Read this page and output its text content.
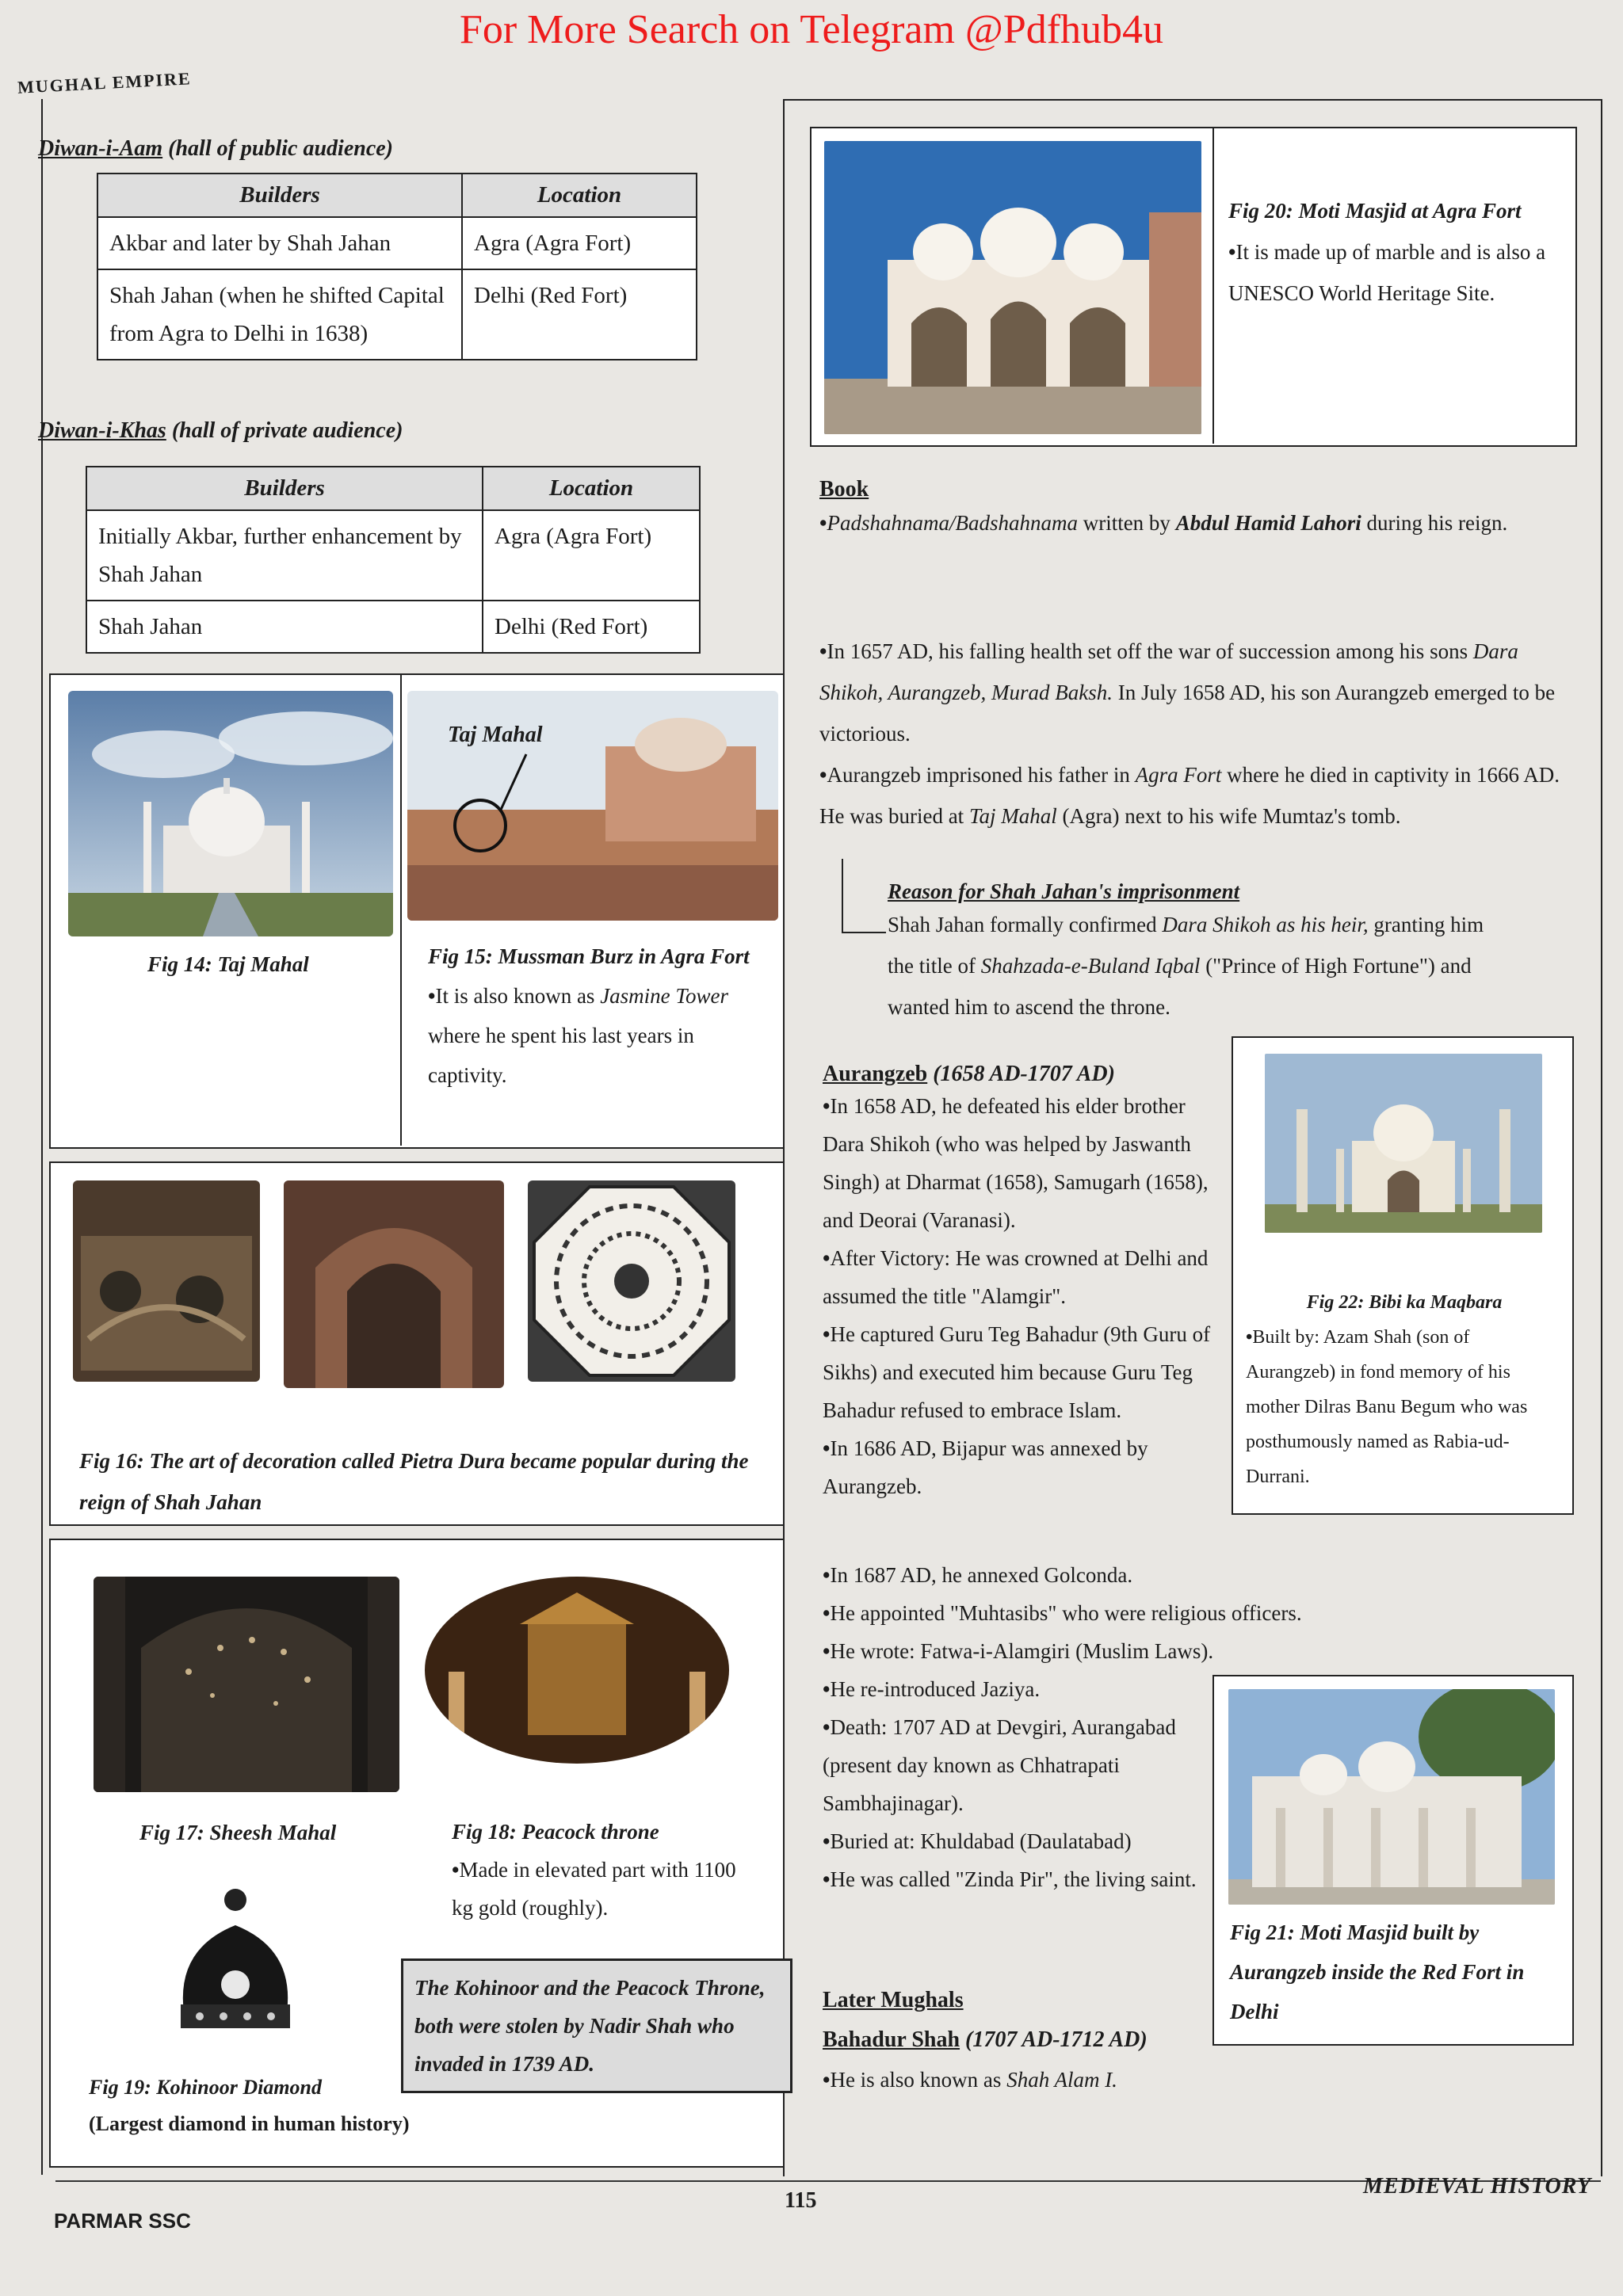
For More Search on Telegram @Pdfhub4u
MUGHAL EMPIRE
Diwan-i-Aam (hall of public audience)
Builders	Location
Akbar and later by Shah Jahan	Agra (Agra Fort)
Shah Jahan (when he shifted Capital from Agra to Delhi in 1638)	Delhi (Red Fort)
Diwan-i-Khas (hall of private audience)
Builders	Location
Initially Akbar, further enhancement by Shah Jahan	Agra (Agra Fort)
Shah Jahan	Delhi (Red Fort)
Taj Mahal
Fig 14: Taj Mahal	Fig 15: Mussman Burz in Agra Fort
• It is also known as Jasmine Tower where he spent his last years in captivity.
Fig 16: The art of decoration called Pietra Dura became popular during the reign of Shah Jahan
Fig 17: Sheesh Mahal	Fig 18: Peacock throne
• Made in elevated part with 1100 kg gold (roughly).
Fig 19: Kohinoor Diamond
(Largest diamond in human history)
The Kohinoor and the Peacock Throne, both were stolen by Nadir Shah who invaded in 1739 AD.
Fig 20: Moti Masjid at Agra Fort
• It is made up of marble and is also a UNESCO World Heritage Site.
Book
• Padshahnama/Badshahnama written by Abdul Hamid Lahori during his reign.
• In 1657 AD, his falling health set off the war of succession among his sons Dara Shikoh, Aurangzeb, Murad Baksh. In July 1658 AD, his son Aurangzeb emerged to be victorious.
• Aurangzeb imprisoned his father in Agra Fort where he died in captivity in 1666 AD. He was buried at Taj Mahal (Agra) next to his wife Mumtaz's tomb.
Reason for Shah Jahan's imprisonment
Shah Jahan formally confirmed Dara Shikoh as his heir, granting him the title of Shahzada-e-Buland Iqbal ("Prince of High Fortune") and wanted him to ascend the throne.
Aurangzeb (1658 AD-1707 AD)
• In 1658 AD, he defeated his elder brother Dara Shikoh (who was helped by Jaswanth Singh) at Dharmat (1658), Samugarh (1658), and Deorai (Varanasi).
• After Victory: He was crowned at Delhi and assumed the title "Alamgir".
• He captured Guru Teg Bahadur (9th Guru of Sikhs) and executed him because Guru Teg Bahadur refused to embrace Islam.
• In 1686 AD, Bijapur was annexed by Aurangzeb.
• In 1687 AD, he annexed Golconda.
• He appointed "Muhtasibs" who were religious officers.
• He wrote: Fatwa-i-Alamgiri (Muslim Laws).
• He re-introduced Jaziya.
• Death: 1707 AD at Devgiri, Aurangabad (present day known as Chhatrapati Sambhajinagar).
• Buried at: Khuldabad (Daulatabad)
• He was called "Zinda Pir", the living saint.
Fig 22: Bibi ka Maqbara
• Built by: Azam Shah (son of Aurangzeb) in fond memory of his mother Dilras Banu Begum who was posthumously named as Rabia-ud-Durrani.
Fig 21: Moti Masjid built by Aurangzeb inside the Red Fort in Delhi
Later Mughals
Bahadur Shah (1707 AD-1712 AD)
• He is also known as Shah Alam I.
PARMAR SSC
115
MEDIEVAL HISTORY
